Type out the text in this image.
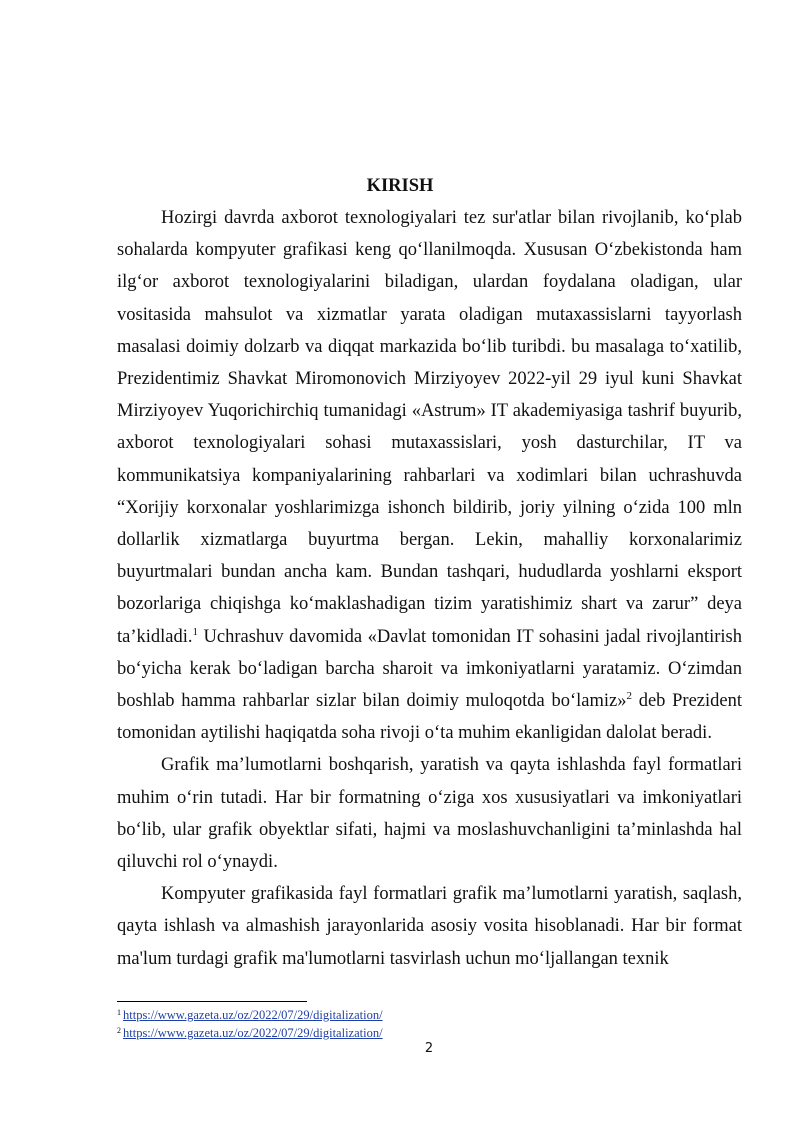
KIRISH

Hozirgi davrda axborot texnologiyalari tez sur'atlar bilan rivojlanib, ko‘plab sohalarda kompyuter grafikasi keng qo‘llanilmoqda. Xususan O‘zbekistonda ham ilg‘or axborot texnologiyalarini biladigan, ulardan foydalana oladigan, ular vositasida mahsulot va xizmatlar yarata oladigan mutaxassislarni tayyorlash masalasi doimiy dolzarb va diqqat markazida bo‘lib turibdi. bu masalaga to‘xatilib, Prezidentimiz Shavkat Miromonovich Mirziyoyev 2022-yil 29 iyul kuni Shavkat Mirziyoyev Yuqorichirchiq tumanidagi «Astrum» IT akademiyasiga tashrif buyurib, axborot texnologiyalari sohasi mutaxassislari, yosh dasturchilar, IT va kommunikatsiya kompaniyalarining rahbarlari va xodimlari bilan uchrashuvda “Xorijiy korxonalar yoshlarimizga ishonch bildirib, joriy yilning o‘zida 100 mln dollarlik xizmatlarga buyurtma bergan. Lekin, mahalliy korxonalarimiz buyurtmalari bundan ancha kam. Bundan tashqari, hududlarda yoshlarni eksport bozorlariga chiqishga ko‘maklashadigan tizim yaratishimiz shart va zarur” deya ta’kidladi.$^1$ Uchrashuv davomida «Davlat tomonidan IT sohasini jadal rivojlantirish bo‘yicha kerak bo‘ladigan barcha sharoit va imkoniyatlarni yaratamiz. O‘zimdan boshlab hamma rahbarlar sizlar bilan doimiy muloqotda bo‘lamiz»$^2$ deb Prezident tomonidan aytilishi haqiqatda soha rivoji o‘ta muhim ekanligidan dalolat beradi.

Grafik ma’lumotlarni boshqarish, yaratish va qayta ishlashda fayl formatlari muhim o‘rin tutadi. Har bir formatning o‘ziga xos xususiyatlari va imkoniyatlari bo‘lib, ular grafik obyektlar sifati, hajmi va moslashuvchanligini ta’minlashda hal qiluvchi rol o‘ynaydi.

Kompyuter grafikasida fayl formatlari grafik ma’lumotlarni yaratish, saqlash, qayta ishlash va almashish jarayonlarida asosiy vosita hisoblanadi. Har bir format ma'lum turdagi grafik ma'lumotlarni tasvirlash uchun mo‘ljallangan texnik

$^1$ https://www.gazeta.uz/oz/2022/07/29/digitalization/
$^2$ https://www.gazeta.uz/oz/2022/07/29/digitalization/
2
